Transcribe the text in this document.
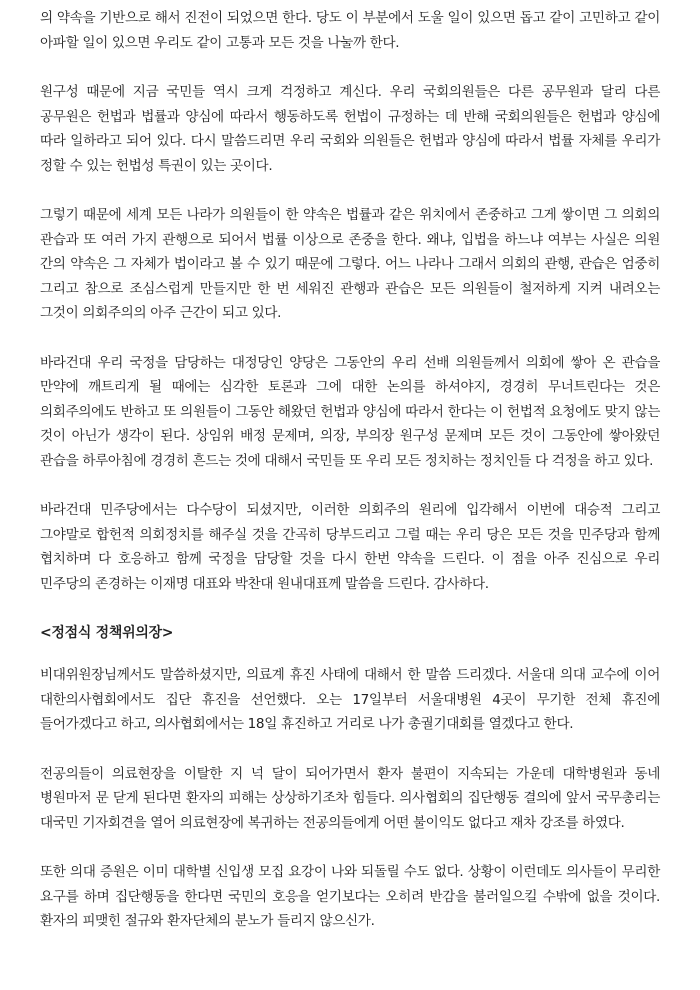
의 약속을 기반으로 해서 진전이 되었으면 한다. 당도 이 부분에서 도울 일이 있으면 돕고 같이 고민하고 같이 아파할 일이 있으면 우리도 같이 고통과 모든 것을 나눌까 한다.

원구성 때문에 지금 국민들 역시 크게 걱정하고 계신다. 우리 국회의원들은 다른 공무원과 달리 다른 공무원은 헌법과 법률과 양심에 따라서 행동하도록 헌법이 규정하는 데 반해 국회의원들은 헌법과 양심에 따라 일하라고 되어 있다. 다시 말씀드리면 우리 국회와 의원들은 헌법과 양심에 따라서 법률 자체를 우리가 정할 수 있는 헌법성 특권이 있는 곳이다.

그렇기 때문에 세계 모든 나라가 의원들이 한 약속은 법률과 같은 위치에서 존중하고 그게 쌓이면 그 의회의 관습과 또 여러 가지 관행으로 되어서 법률 이상으로 존중을 한다. 왜냐, 입법을 하느냐 여부는 사실은 의원 간의 약속은 그 자체가 법이라고 볼 수 있기 때문에 그렇다. 어느 나라나 그래서 의회의 관행, 관습은 엄중히 그리고 참으로 조심스럽게 만들지만 한 번 세워진 관행과 관습은 모든 의원들이 철저하게 지켜 내려오는 그것이 의회주의의 아주 근간이 되고 있다.

바라건대 우리 국정을 담당하는 대정당인 양당은 그동안의 우리 선배 의원들께서 의회에 쌓아 온 관습을 만약에 깨트리게 될 때에는 심각한 토론과 그에 대한 논의를 하셔야지, 경경히 무너트린다는 것은 의회주의에도 반하고 또 의원들이 그동안 해왔던 헌법과 양심에 따라서 한다는 이 헌법적 요청에도 맞지 않는 것이 아닌가 생각이 된다. 상임위 배정 문제며, 의장, 부의장 원구성 문제며 모든 것이 그동안에 쌓아왔던 관습을 하루아침에 경경히 흔드는 것에 대해서 국민들 또 우리 모든 정치하는 정치인들 다 걱정을 하고 있다.

바라건대 민주당에서는 다수당이 되셨지만, 이러한 의회주의 원리에 입각해서 이번에 대승적 그리고 그야말로 합헌적 의회정치를 해주실 것을 간곡히 당부드리고 그럴 때는 우리 당은 모든 것을 민주당과 함께 협치하며 다 호응하고 함께 국정을 담당할 것을 다시 한번 약속을 드린다. 이 점을 아주 진심으로 우리 민주당의 존경하는 이재명 대표와 박찬대 원내대표께 말씀을 드린다. 감사하다.

<정점식 정책위의장>

비대위원장님께서도 말씀하셨지만, 의료계 휴진 사태에 대해서 한 말씀 드리겠다. 서울대 의대 교수에 이어 대한의사협회에서도 집단 휴진을 선언했다. 오는 17일부터 서울대병원 4곳이 무기한 전체 휴진에 들어가겠다고 하고, 의사협회에서는 18일 휴진하고 거리로 나가 총궐기대회를 열겠다고 한다.

전공의들이 의료현장을 이탈한 지 넉 달이 되어가면서 환자 불편이 지속되는 가운데 대학병원과 동네 병원마저 문 닫게 된다면 환자의 피해는 상상하기조차 힘들다. 의사협회의 집단행동 결의에 앞서 국무총리는 대국민 기자회견을 열어 의료현장에 복귀하는 전공의들에게 어떤 불이익도 없다고 재차 강조를 하였다.

또한 의대 증원은 이미 대학별 신입생 모집 요강이 나와 되돌릴 수도 없다. 상황이 이런데도 의사들이 무리한 요구를 하며 집단행동을 한다면 국민의 호응을 얻기보다는 오히려 반감을 불러일으킬 수밖에 없을 것이다. 환자의 피맺힌 절규와 환자단체의 분노가 들리지 않으신가.
